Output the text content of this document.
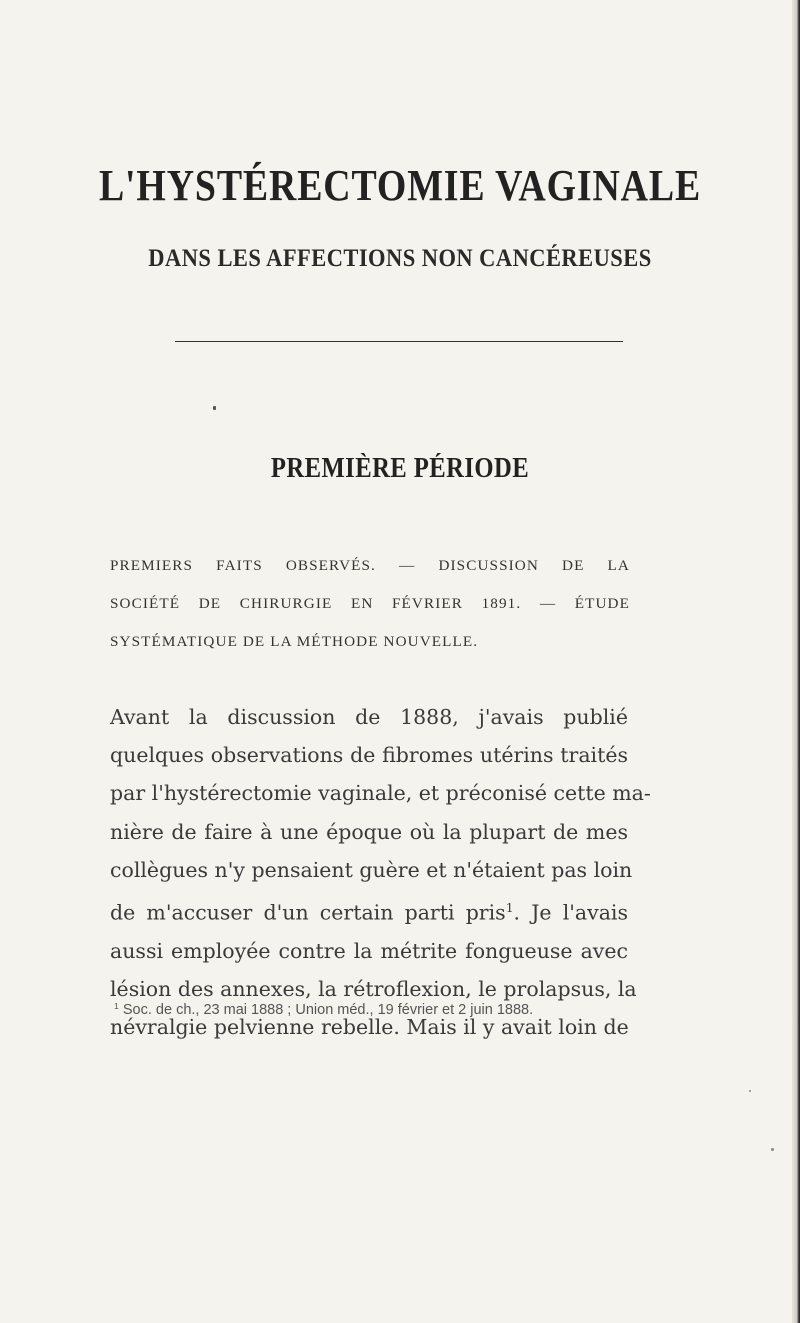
L'HYSTÉRECTOMIE VAGINALE
DANS LES AFFECTIONS NON CANCÉREUSES
PREMIÈRE PÉRIODE
PREMIERS FAITS OBSERVÉS. — DISCUSSION DE LA
SOCIÉTÉ DE CHIRURGIE EN FÉVRIER 1891. — ÉTUDE
SYSTÉMATIQUE DE LA MÉTHODE NOUVELLE.
Avant la discussion de 1888, j'avais publié
quelques observations de fibromes utérins traités
par l'hystérectomie vaginale, et préconisé cette ma-
nière de faire à une époque où la plupart de mes
collègues n'y pensaient guère et n'étaient pas loin
de m'accuser d'un certain parti pris$^1$. Je l'avais
aussi employée contre la métrite fongueuse avec
lésion des annexes, la rétroflexion, le prolapsus, la
névralgie pelvienne rebelle. Mais il y avait loin de
$^1$ Soc. de ch., 23 mai 1888 ; Union méd., 19 février et 2 juin 1888.
